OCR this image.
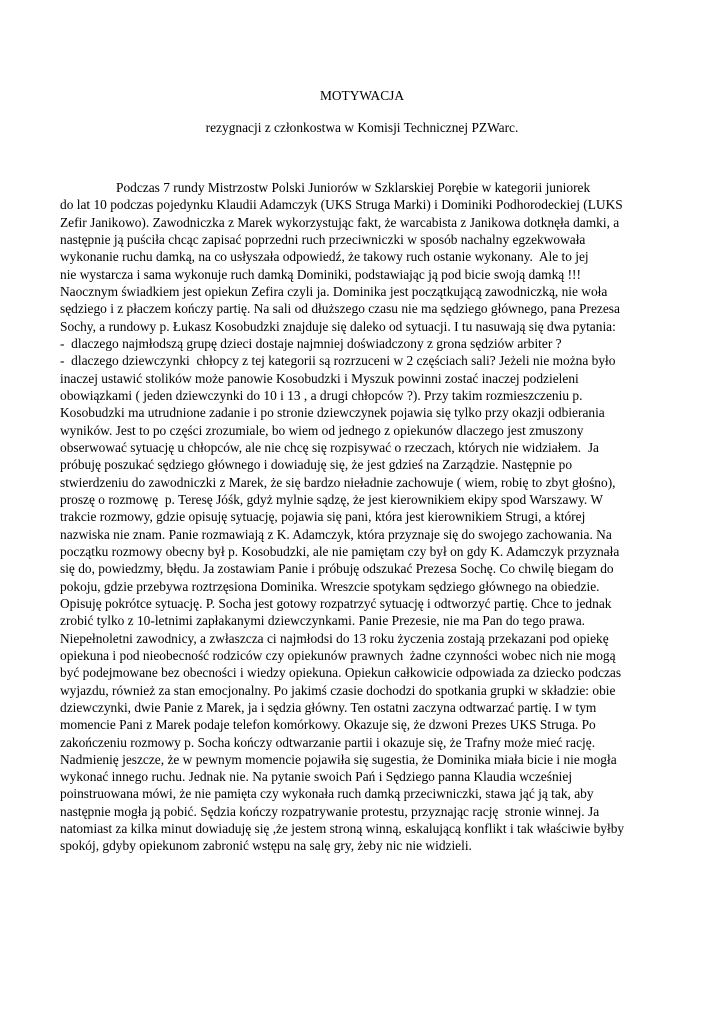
MOTYWACJA

rezygnacji z członkostwa w Komisji Technicznej PZWarc.

Podczas 7 rundy Mistrzostw Polski Juniorów w Szklarskiej Porębie w kategorii juniorek
do lat 10 podczas pojedynku Klaudii Adamczyk (UKS Struga Marki) i Dominiki Podhorodeckiej (LUKS
Zefir Janikowo). Zawodniczka z Marek wykorzystując fakt, że warcabista z Janikowa dotknęła damki, a
następnie ją puściła chcąc zapisać poprzedni ruch przeciwniczki w sposób nachalny egzekwowała
wykonanie ruchu damką, na co usłyszała odpowiedź, że takowy ruch ostanie wykonany.  Ale to jej
nie wystarcza i sama wykonuje ruch damką Dominiki, podstawiając ją pod bicie swoją damką !!!
Naocznym świadkiem jest opiekun Zefira czyli ja. Dominika jest początkującą zawodniczką, nie woła
sędziego i z płaczem kończy partię. Na sali od dłuższego czasu nie ma sędziego głównego, pana Prezesa
Sochy, a rundowy p. Łukasz Kosobudzki znajduje się daleko od sytuacji. I tu nasuwają się dwa pytania:
-  dlaczego najmłodszą grupę dzieci dostaje najmniej doświadczony z grona sędziów arbiter ?
-  dlaczego dziewczynki  chłopcy z tej kategorii są rozrzuceni w 2 częściach sali? Jeżeli nie można było
inaczej ustawić stolików może panowie Kosobudzki i Myszuk powinni zostać inaczej podzieleni
obowiązkami ( jeden dziewczynki do 10 i 13 , a drugi chłopców ?). Przy takim rozmieszczeniu p.
Kosobudzki ma utrudnione zadanie i po stronie dziewczynek pojawia się tylko przy okazji odbierania
wyników. Jest to po części zrozumiale, bo wiem od jednego z opiekunów dlaczego jest zmuszony
obserwować sytuację u chłopców, ale nie chcę się rozpisywać o rzeczach, których nie widziałem.  Ja
próbuję poszukać sędziego głównego i dowiaduję się, że jest gdzieś na Zarządzie. Następnie po
stwierdzeniu do zawodniczki z Marek, że się bardzo nieładnie zachowuje ( wiem, robię to zbyt głośno),
proszę o rozmowę  p. Teresę Jóśk, gdyż mylnie sądzę, że jest kierownikiem ekipy spod Warszawy. W
trakcie rozmowy, gdzie opisuję sytuację, pojawia się pani, która jest kierownikiem Strugi, a której
nazwiska nie znam. Panie rozmawiają z K. Adamczyk, która przyznaje się do swojego zachowania. Na
początku rozmowy obecny był p. Kosobudzki, ale nie pamiętam czy był on gdy K. Adamczyk przyznała
się do, powiedzmy, błędu. Ja zostawiam Panie i próbuję odszukać Prezesa Sochę. Co chwilę biegam do
pokoju, gdzie przebywa roztrzęsiona Dominika. Wreszcie spotykam sędziego głównego na obiedzie.
Opisuję pokrótce sytuację. P. Socha jest gotowy rozpatrzyć sytuację i odtworzyć partię. Chce to jednak
zrobić tylko z 10-letnimi zapłakanymi dziewczynkami. Panie Prezesie, nie ma Pan do tego prawa.
Niepełnoletni zawodnicy, a zwłaszcza ci najmłodsi do 13 roku życzenia zostają przekazani pod opiekę
opiekuna i pod nieobecność rodziców czy opiekunów prawnych  żadne czynności wobec nich nie mogą
być podejmowane bez obecności i wiedzy opiekuna. Opiekun całkowicie odpowiada za dziecko podczas
wyjazdu, również za stan emocjonalny. Po jakimś czasie dochodzi do spotkania grupki w składzie: obie
dziewczynki, dwie Panie z Marek, ja i sędzia główny. Ten ostatni zaczyna odtwarzać partię. I w tym
momencie Pani z Marek podaje telefon komórkowy. Okazuje się, że dzwoni Prezes UKS Struga. Po
zakończeniu rozmowy p. Socha kończy odtwarzanie partii i okazuje się, że Trafny może mieć rację.
Nadmienię jeszcze, że w pewnym momencie pojawiła się sugestia, że Dominika miała bicie i nie mogła
wykonać innego ruchu. Jednak nie. Na pytanie swoich Pań i Sędziego panna Klaudia wcześniej
poinstruowana mówi, że nie pamięta czy wykonała ruch damką przeciwniczki, stawa jąć ją tak, aby
następnie mogła ją pobić. Sędzia kończy rozpatrywanie protestu, przyznając rację  stronie winnej. Ja
natomiast za kilka minut dowiaduję się ,że jestem stroną winną, eskalującą konflikt i tak właściwie byłby
spokój, gdyby opiekunom zabronić wstępu na salę gry, żeby nic nie widzieli.
